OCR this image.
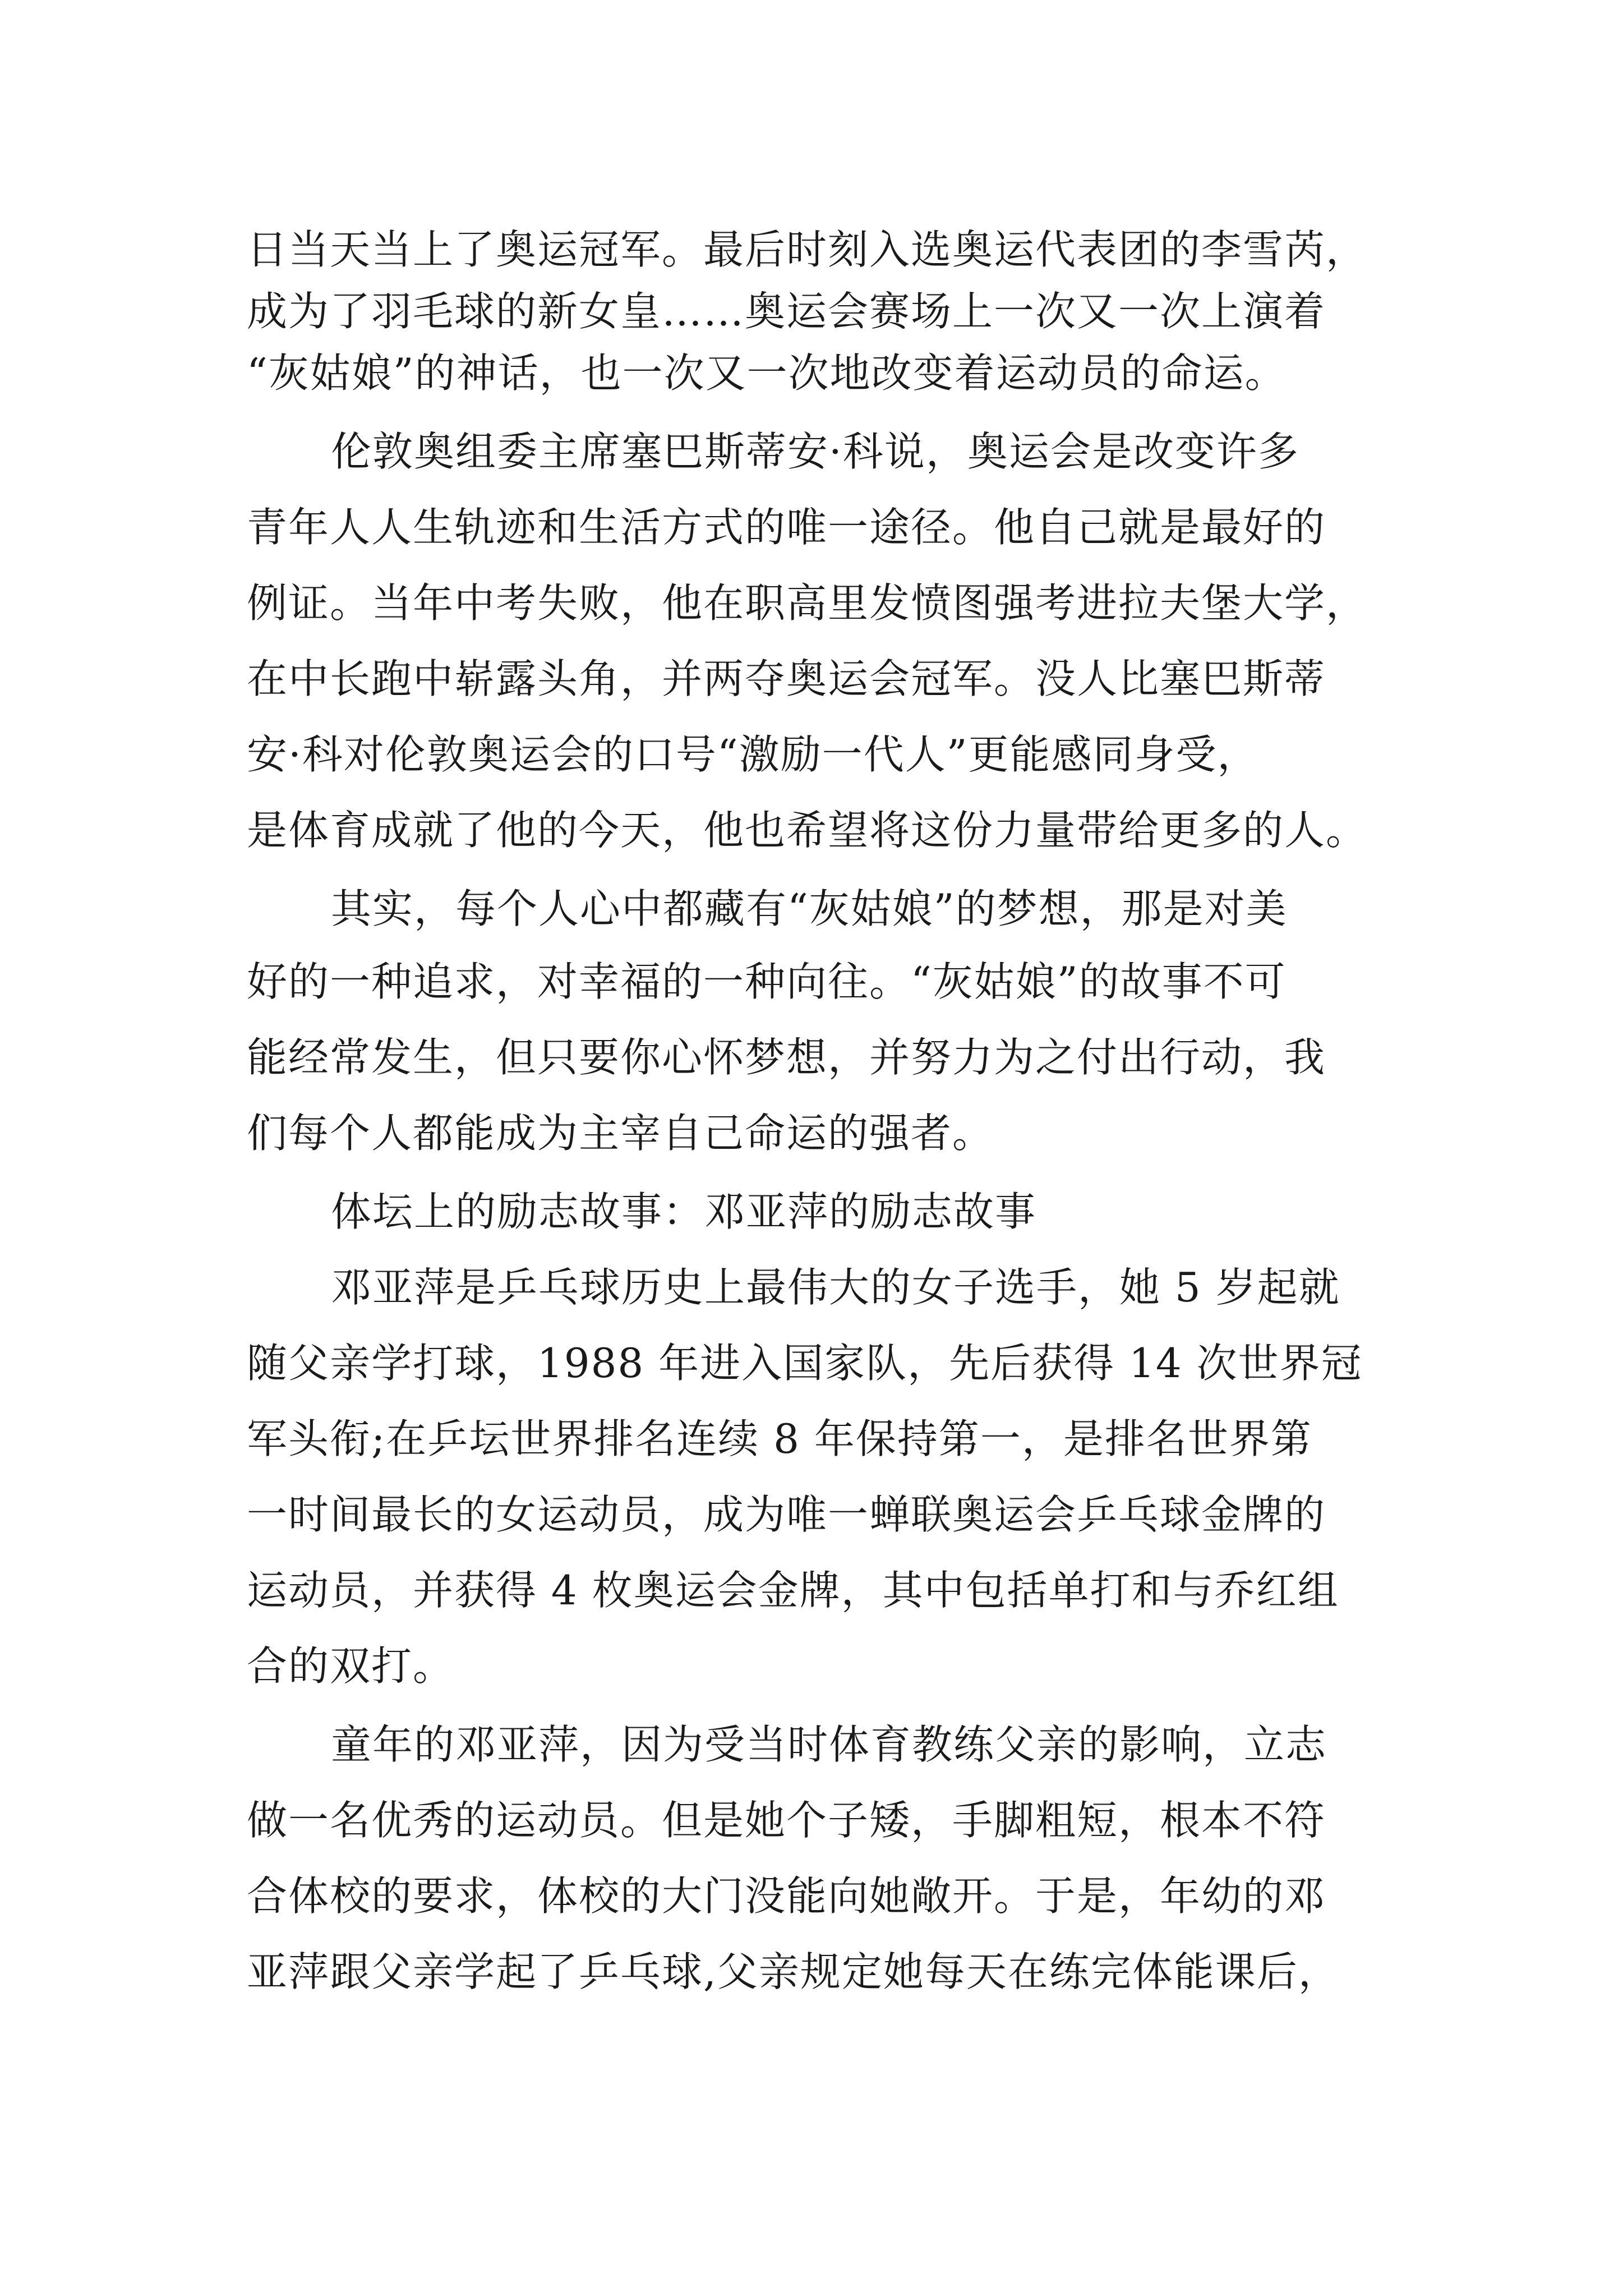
日当天当上了奥运冠军。最后时刻入选奥运代表团的李雪芮，
成为了羽毛球的新女皇……奥运会赛场上一次又一次上演着
“灰姑娘”的神话，也一次又一次地改变着运动员的命运。
伦敦奥组委主席塞巴斯蒂安·科说，奥运会是改变许多
青年人人生轨迹和生活方式的唯一途径。他自己就是最好的
例证。当年中考失败，他在职高里发愤图强考进拉夫堡大学，
在中长跑中崭露头角，并两夺奥运会冠军。没人比塞巴斯蒂
安·科对伦敦奥运会的口号“激励一代人”更能感同身受，
是体育成就了他的今天，他也希望将这份力量带给更多的人。
其实，每个人心中都藏有“灰姑娘”的梦想，那是对美
好的一种追求，对幸福的一种向往。“灰姑娘”的故事不可
能经常发生，但只要你心怀梦想，并努力为之付出行动，我
们每个人都能成为主宰自己命运的强者。
体坛上的励志故事：邓亚萍的励志故事
邓亚萍是乒乓球历史上最伟大的女子选手，她 5 岁起就
随父亲学打球，1988 年进入国家队，先后获得 14 次世界冠
军头衔;在乒坛世界排名连续 8 年保持第一，是排名世界第
一时间最长的女运动员，成为唯一蝉联奥运会乒乓球金牌的
运动员，并获得 4 枚奥运会金牌，其中包括单打和与乔红组
合的双打。
童年的邓亚萍，因为受当时体育教练父亲的影响，立志
做一名优秀的运动员。但是她个子矮，手脚粗短，根本不符
合体校的要求，体校的大门没能向她敞开。于是，年幼的邓
亚萍跟父亲学起了乒乓球,父亲规定她每天在练完体能课后，
